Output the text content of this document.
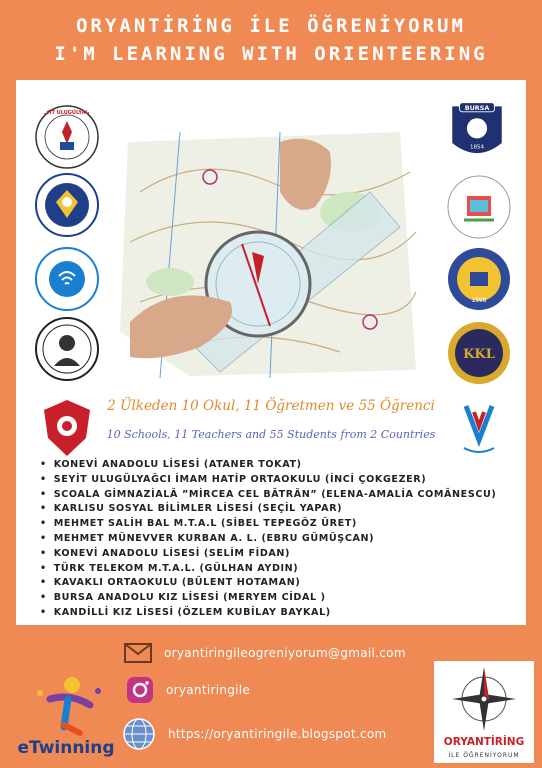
ORYANTİRİNG İLE ÖĞRENİYORUM
I'M LEARNING WITH ORIENTEERING
SEYİT ULUGÜLYAĞCI
BURSA
1854
1998
KKL
2 Ülkeden 10 Okul, 11 Öğretmen ve 55 Öğrenci
10 Schools, 11 Teachers and 55 Students from 2 Countries
• KONEVİ ANADOLU LİSESİ (ATANER TOKAT)
• SEYİT ULUGÜLYAĞCI İMAM HATİP ORTAOKULU (İNCİ ÇOKGEZER)
• SCOALA GİMNAZİALĂ ”MİRCEA CEL BĂTRÂN” (ELENA-AMALİA COMĂNESCU)
• KARLISU SOSYAL BİLİMLER LİSESİ (SEÇİL YAPAR)
• MEHMET SALİH BAL M.T.A.L (SİBEL TEPEGÖZ ÜRET)
• MEHMET MÜNEVVER KURBAN A. L. (EBRU GÜMÜŞCAN)
• KONEVİ ANADOLU LİSESİ (SELİM FİDAN)
• TÜRK TELEKOM M.T.A.L. (GÜLHAN AYDIN)
• KAVAKLI ORTAOKULU (BÜLENT HOTAMAN)
• BURSA ANADOLU KIZ LİSESİ (MERYEM CİDAL )
• KANDİLLİ KIZ LİSESİ (ÖZLEM KUBİLAY BAYKAL)
oryantiringileogreniyorum@gmail.com
oryantiringile
https://oryantiringile.blogspot.com
eTwinning	ORYANTİRİNG
İLE ÖĞRENİYORUM
